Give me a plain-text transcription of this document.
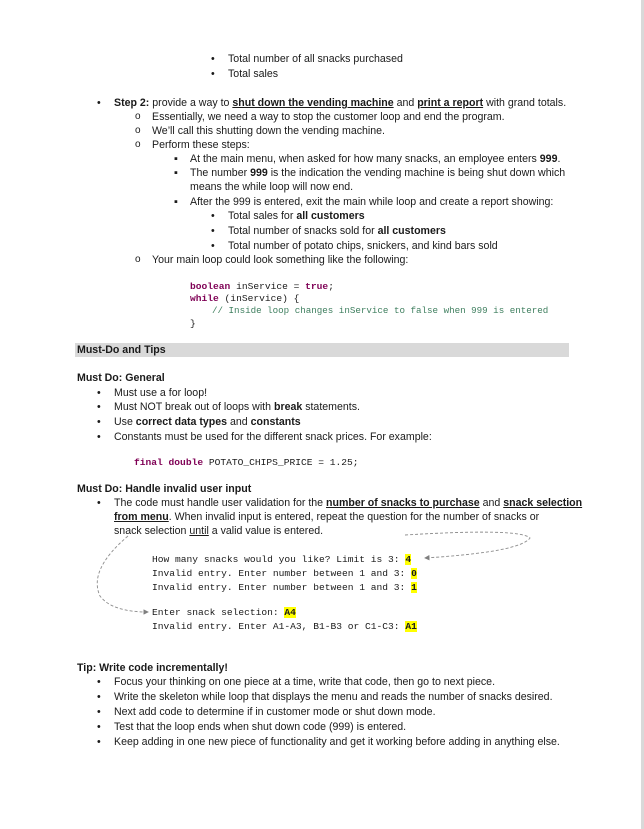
• Total number of all snacks purchased
• Total sales
• Step 2: provide a way to shut down the vending machine and print a report with grand totals.
o Essentially, we need a way to stop the customer loop and end the program.
o We’ll call this shutting down the vending machine.
o Perform these steps:
▪ At the main menu, when asked for how many snacks, an employee enters 999.
▪ The number 999 is the indication the vending machine is being shut down which
means the while loop will now end.
▪ After the 999 is entered, exit the main while loop and create a report showing:
• Total sales for all customers
• Total number of snacks sold for all customers
• Total number of potato chips, snickers, and kind bars sold
o Your main loop could look something like the following:
boolean inService = true;
while (inService) {
// Inside loop changes inService to false when 999 is entered
}
Must-Do and Tips
Must Do: General
• Must use a for loop!
• Must NOT break out of loops with break statements.
• Use correct data types and constants
• Constants must be used for the different snack prices. For example:
final double POTATO_CHIPS_PRICE = 1.25;
Must Do: Handle invalid user input
• The code must handle user validation for the number of snacks to purchase and snack selection
from menu. When invalid input is entered, repeat the question for the number of snacks or
snack selection until a valid value is entered.
How many snacks would you like? Limit is 3: 4
Invalid entry. Enter number between 1 and 3: 0
Invalid entry. Enter number between 1 and 3: 1
Enter snack selection: A4
Invalid entry. Enter A1-A3, B1-B3 or C1-C3: A1
Tip: Write code incrementally!
• Focus your thinking on one piece at a time, write that code, then go to next piece.
• Write the skeleton while loop that displays the menu and reads the number of snacks desired.
• Next add code to determine if in customer mode or shut down mode.
• Test that the loop ends when shut down code (999) is entered.
• Keep adding in one new piece of functionality and get it working before adding in anything else.
